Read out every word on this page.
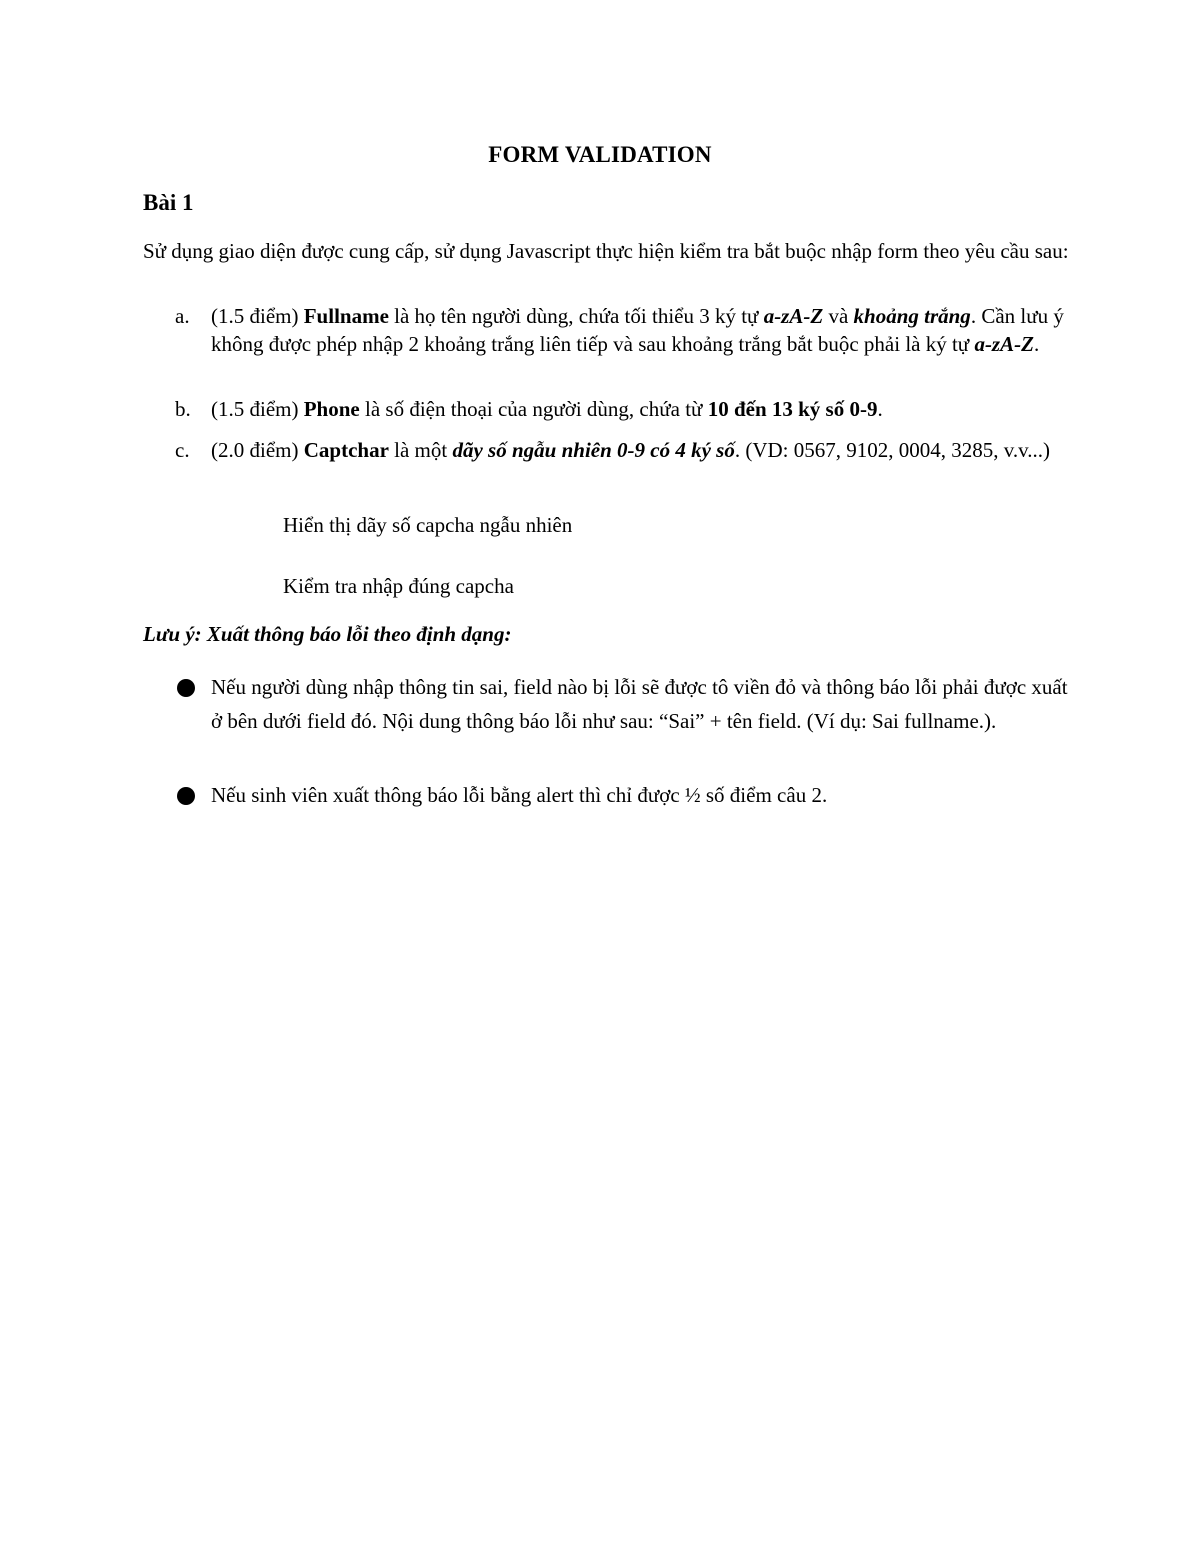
FORM VALIDATION
Bài 1
Sử dụng giao diện được cung cấp, sử dụng Javascript thực hiện kiểm tra bắt buộc nhập form theo yêu cầu sau:
a. (1.5 điểm) Fullname là họ tên người dùng, chứa tối thiểu 3 ký tự a-zA-Z và khoảng trắng. Cần lưu ý không được phép nhập 2 khoảng trắng liên tiếp và sau khoảng trắng bắt buộc phải là ký tự a-zA-Z.
b. (1.5 điểm) Phone là số điện thoại của người dùng, chứa từ 10 đến 13 ký số 0-9.
c. (2.0 điểm) Captchar là một dãy số ngẫu nhiên 0-9 có 4 ký số. (VD: 0567, 9102, 0004, 3285, v.v...)
Hiển thị dãy số capcha ngẫu nhiên
Kiểm tra nhập đúng capcha
Lưu ý: Xuất thông báo lỗi theo định dạng:
Nếu người dùng nhập thông tin sai, field nào bị lỗi sẽ được tô viền đỏ và thông báo lỗi phải được xuất ở bên dưới field đó. Nội dung thông báo lỗi như sau: “Sai” + tên field. (Ví dụ: Sai fullname.).
Nếu sinh viên xuất thông báo lỗi bằng alert thì chỉ được ½ số điểm câu 2.
